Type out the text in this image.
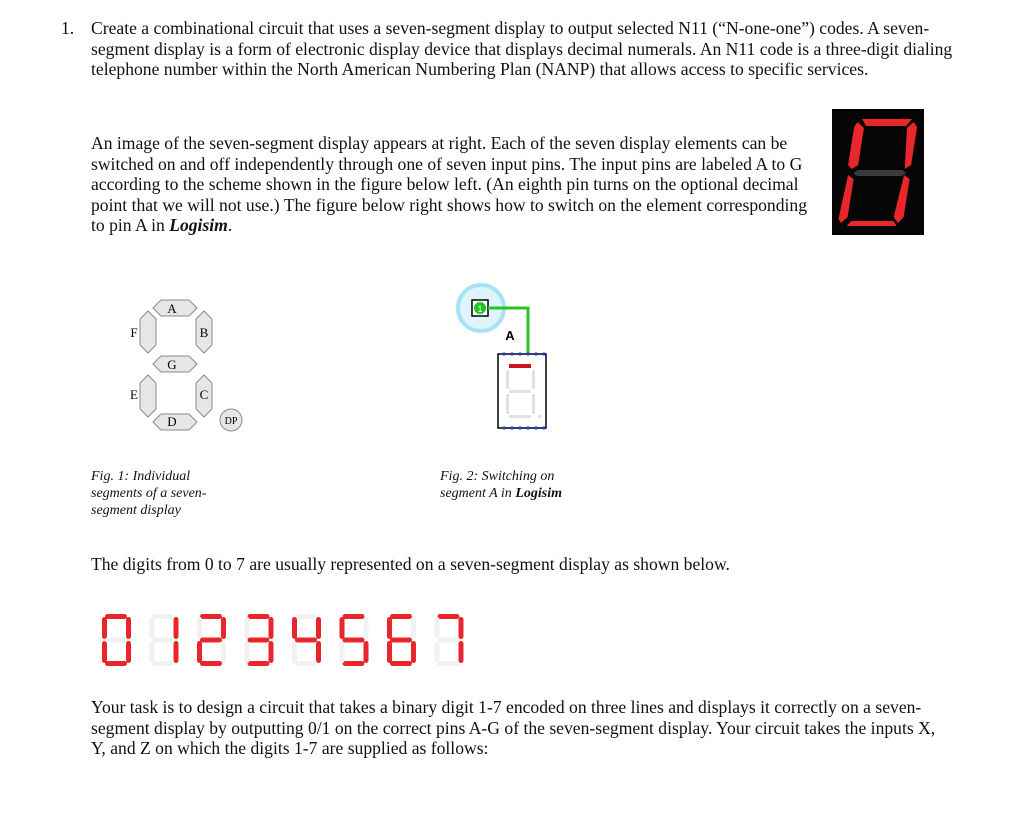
1. Create a combinational circuit that uses a seven-segment display to output selected N11 (“N-one-one”) codes. A seven-segment display is a form of electronic display device that displays decimal numerals. An N11 code is a three-digit dialing telephone number within the North American Numbering Plan (NANP) that allows access to specific services.

An image of the seven-segment display appears at right. Each of the seven display elements can be switched on and off independently through one of seven input pins. The input pins are labeled A to G according to the scheme shown in the figure below left. (An eighth pin turns on the optional decimal point that we will not use.) The figure below right shows how to switch on the element corresponding to pin A in Logisim.

A
F	B
G
E	C
D	DP
1
A

Fig. 1: Individual segments of a seven-segment display

Fig. 2: Switching on segment A in Logisim

The digits from 0 to 7 are usually represented on a seven-segment display as shown below.

Your task is to design a circuit that takes a binary digit 1-7 encoded on three lines and displays it correctly on a seven-segment display by outputting 0/1 on the correct pins A-G of the seven-segment display. Your circuit takes the inputs X, Y, and Z on which the digits 1-7 are supplied as follows:
